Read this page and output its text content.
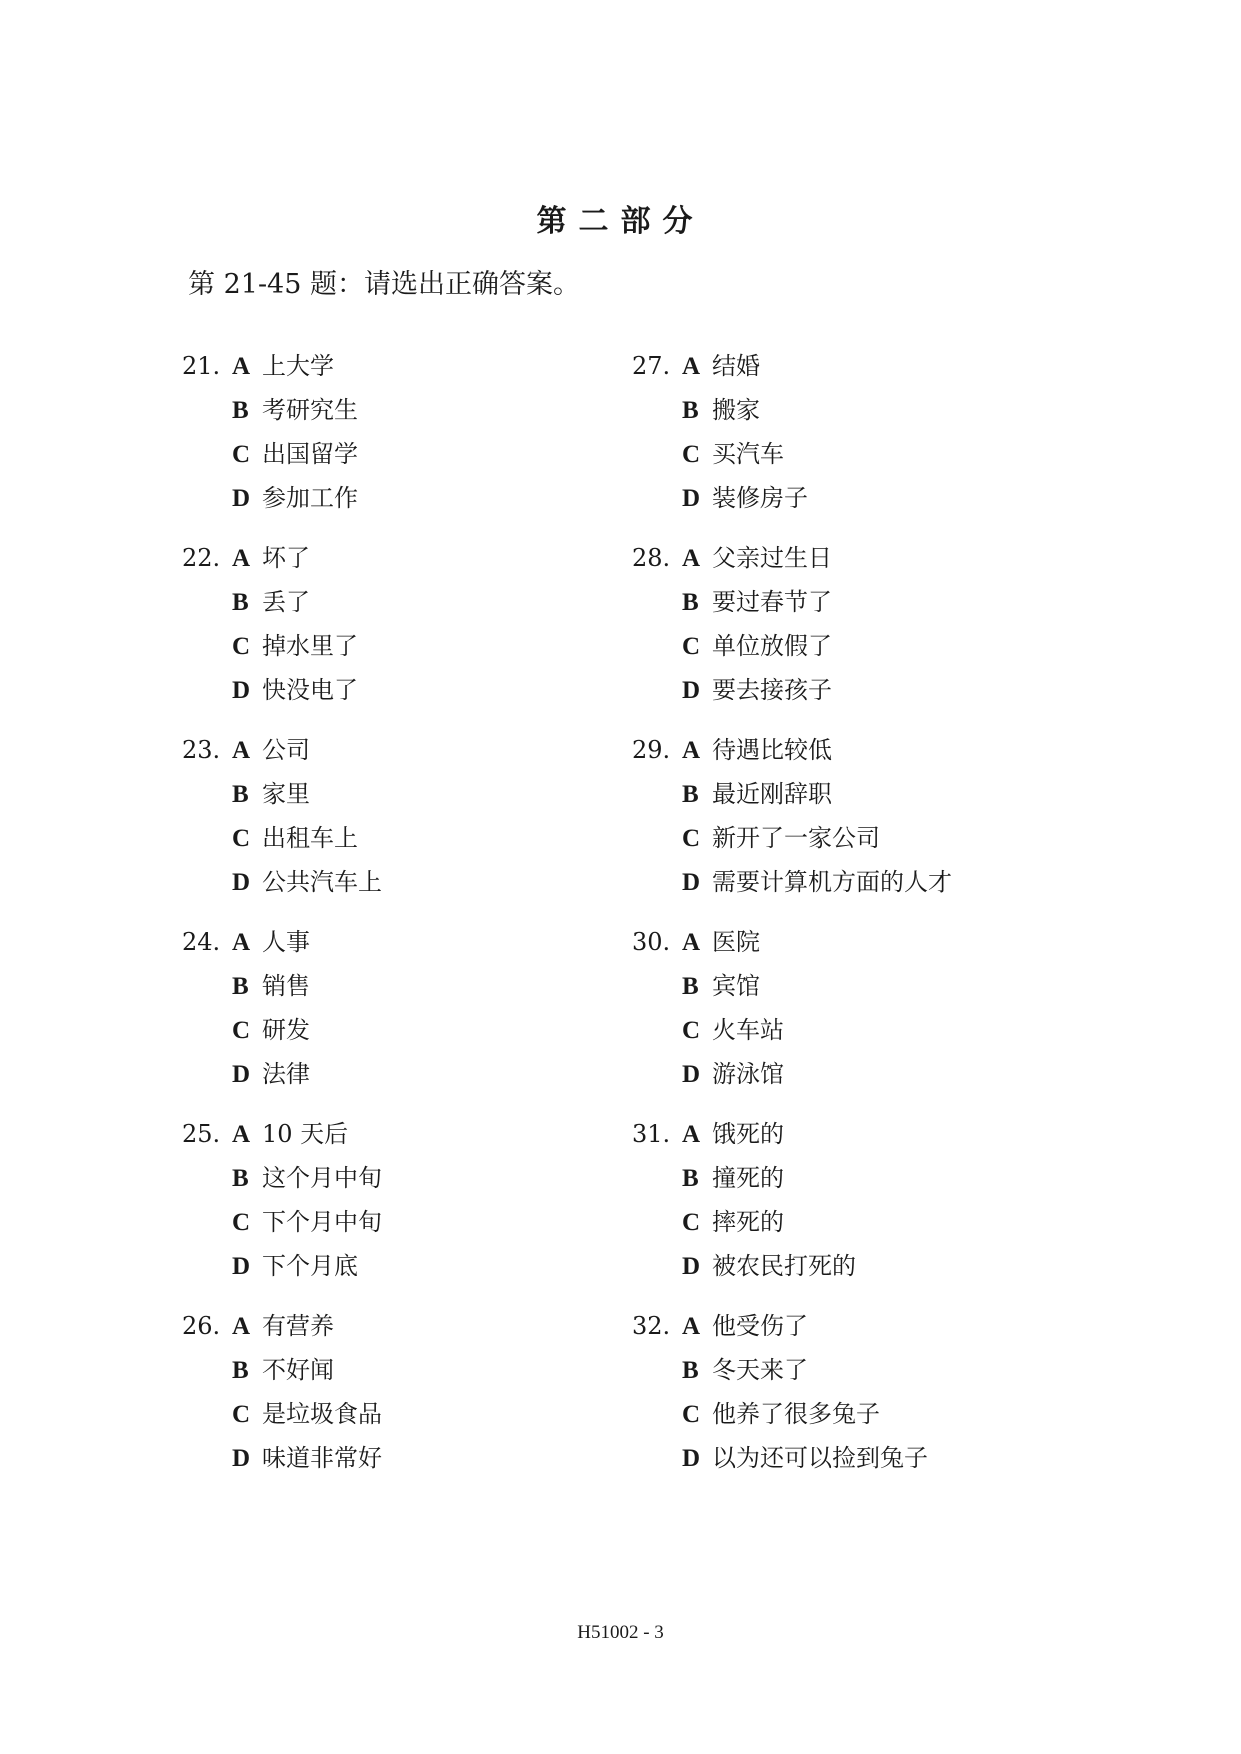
第二部分

第 21-45 题：请选出正确答案。

21. A 上大学
B 考研究生
C 出国留学
D 参加工作
22. A 坏了
B 丢了
C 掉水里了
D 快没电了
23. A 公司
B 家里
C 出租车上
D 公共汽车上
24. A 人事
B 销售
C 研发
D 法律
25. A 10 天后
B 这个月中旬
C 下个月中旬
D 下个月底
26. A 有营养
B 不好闻
C 是垃圾食品
D 味道非常好
27. A 结婚
B 搬家
C 买汽车
D 装修房子
28. A 父亲过生日
B 要过春节了
C 单位放假了
D 要去接孩子
29. A 待遇比较低
B 最近刚辞职
C 新开了一家公司
D 需要计算机方面的人才
30. A 医院
B 宾馆
C 火车站
D 游泳馆
31. A 饿死的
B 撞死的
C 摔死的
D 被农民打死的
32. A 他受伤了
B 冬天来了
C 他养了很多兔子
D 以为还可以捡到兔子
H51002 - 3
